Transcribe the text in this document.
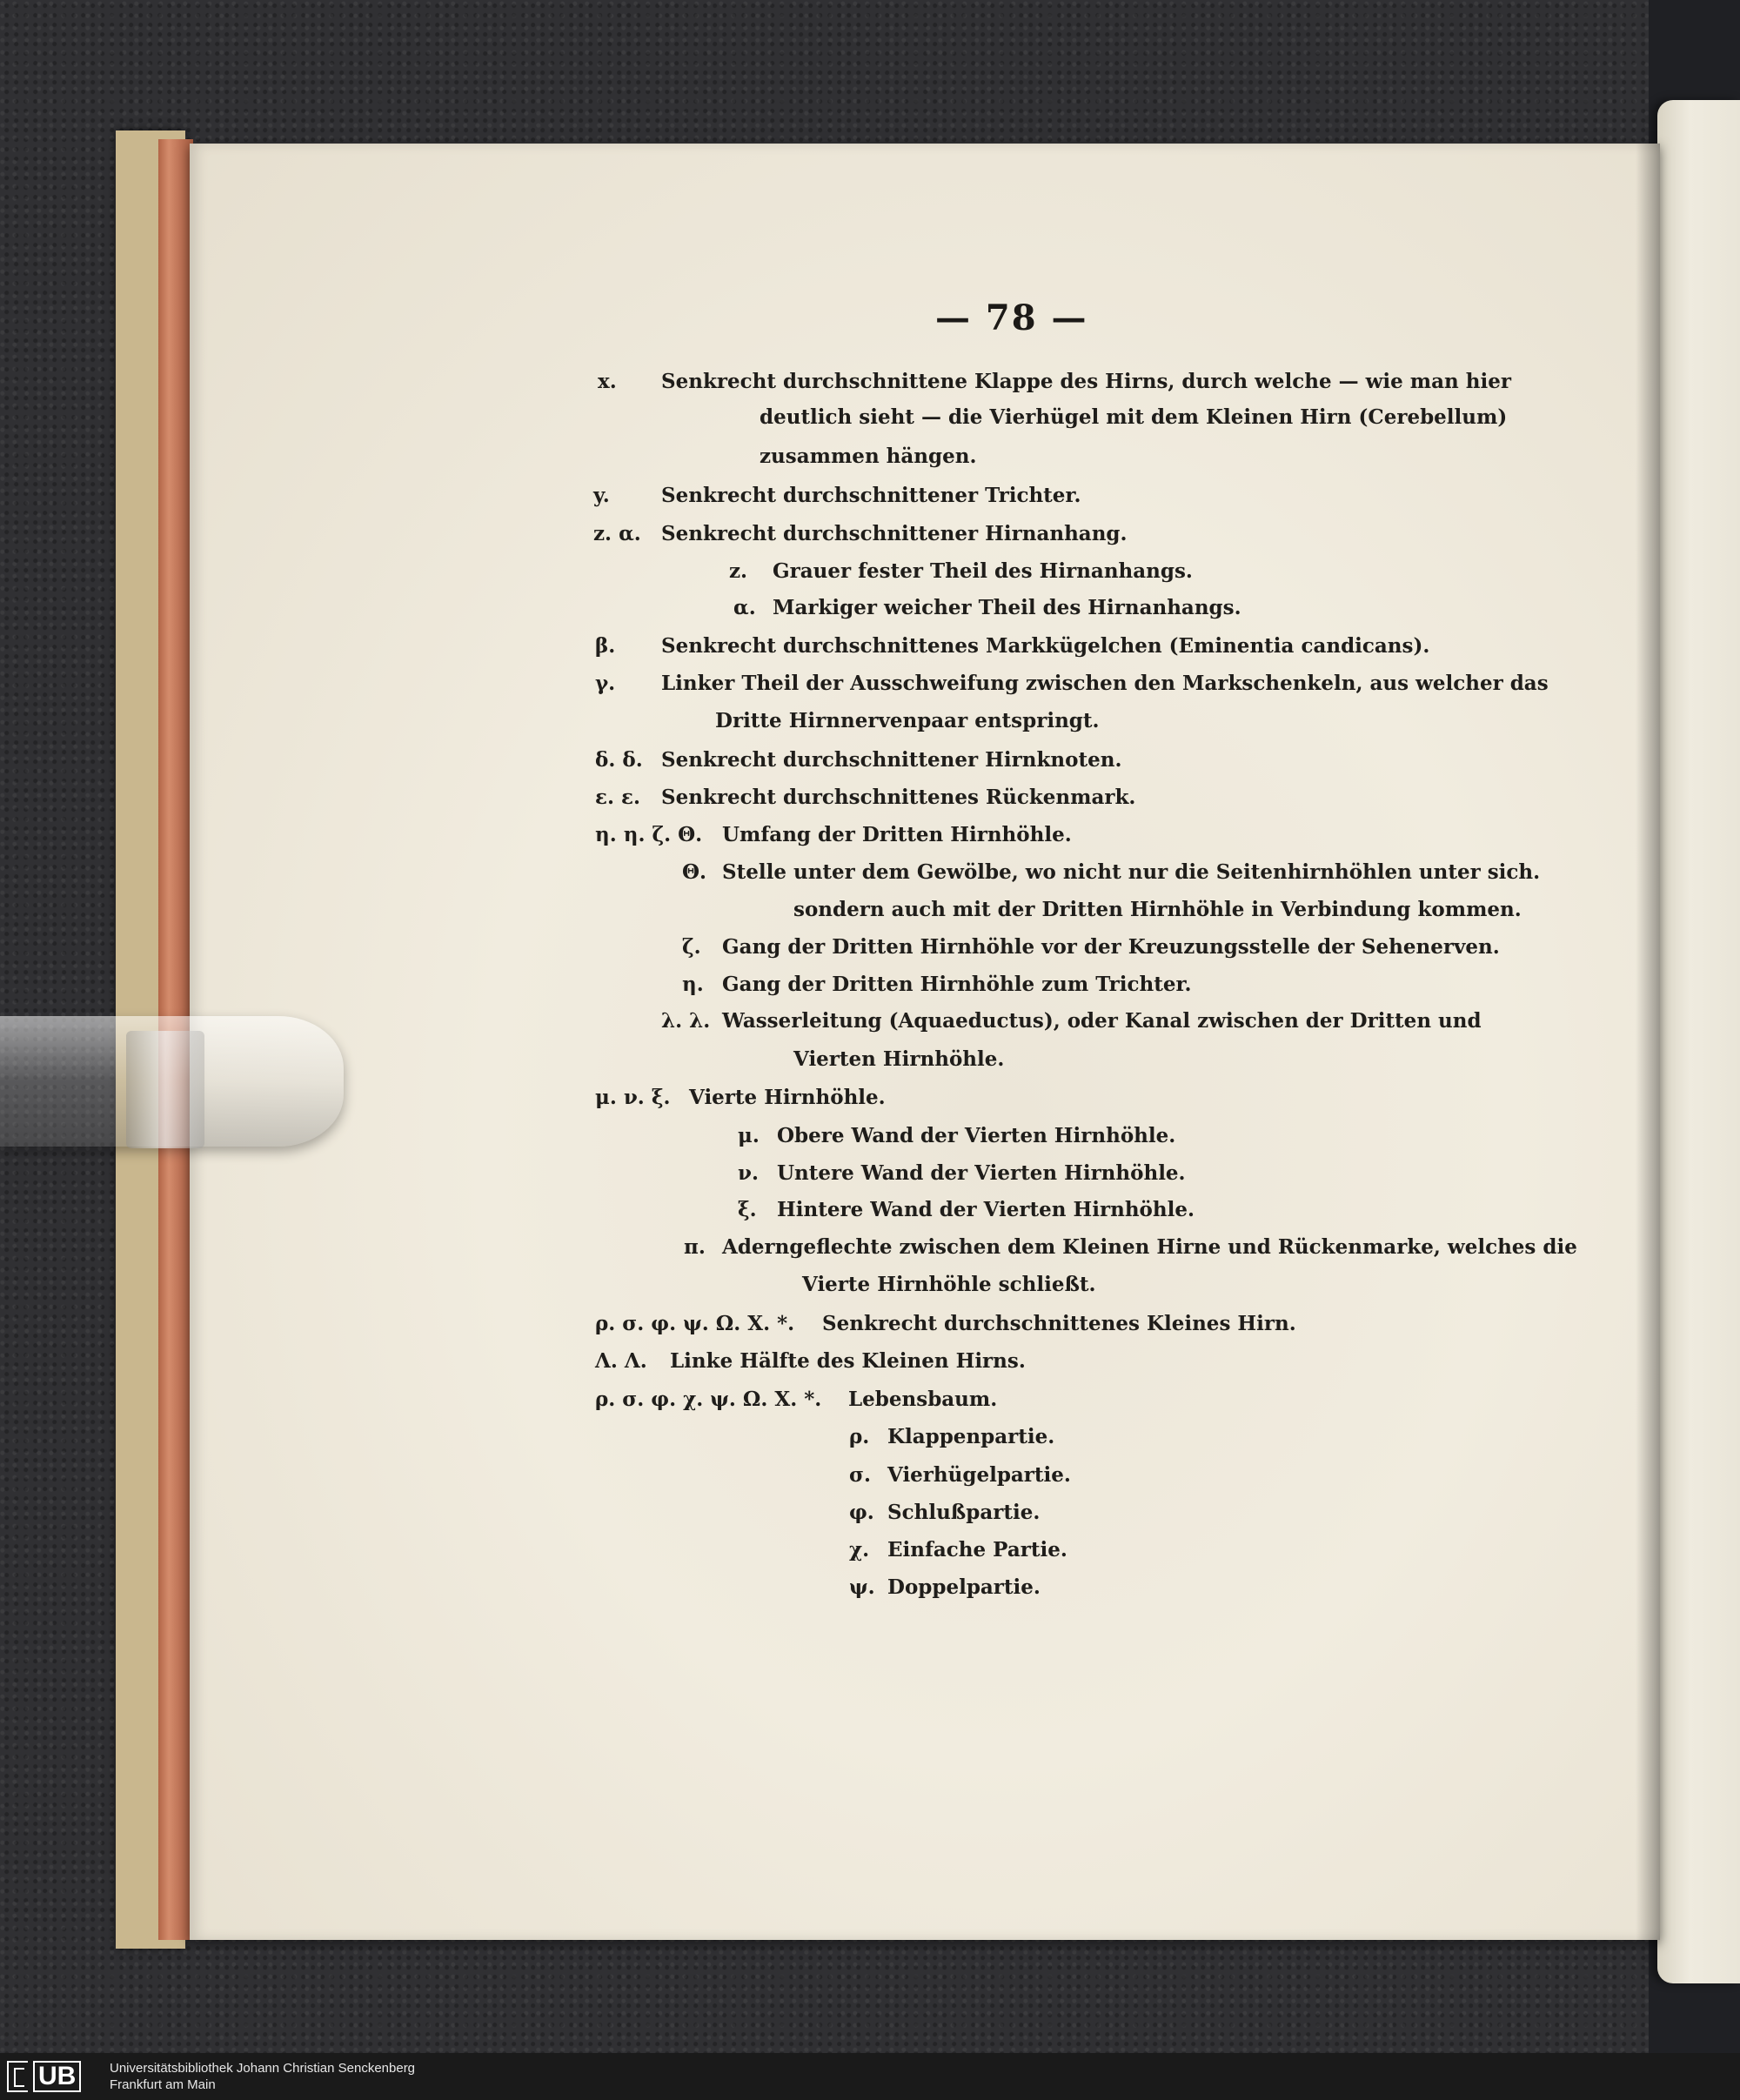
— 78 —
x. Senkrecht durchschnittene Klappe des Hirns, durch welche — wie man hier
deutlich sieht — die Vierhügel mit dem Kleinen Hirn (Cerebellum)
zusammen hängen.
y.	Senkrecht durchschnittener Trichter.
z. α. Senkrecht durchschnittener Hirnanhang.
z. Grauer fester Theil des Hirnanhangs.
α. Markiger weicher Theil des Hirnanhangs.
β. Senkrecht durchschnittenes Markkügelchen (Eminentia candicans).
γ. Linker Theil der Ausschweifung zwischen den Markschenkeln, aus welcher das
Dritte Hirnnervenpaar entspringt.
δ. δ. Senkrecht durchschnittener Hirnknoten.
ε. ε. Senkrecht durchschnittenes Rückenmark.
η. η. ζ. Θ. Umfang der Dritten Hirnhöhle.
Θ. Stelle unter dem Gewölbe, wo nicht nur die Seitenhirnhöhlen unter sich.
sondern auch mit der Dritten Hirnhöhle in Verbindung kommen.
ζ. Gang der Dritten Hirnhöhle vor der Kreuzungsstelle der Sehenerven.
η. Gang der Dritten Hirnhöhle zum Trichter.
λ. λ. Wasserleitung (Aquaeductus), oder Kanal zwischen der Dritten und
Vierten Hirnhöhle.
μ. ν. ξ. Vierte Hirnhöhle.
μ. Obere Wand der Vierten Hirnhöhle.
ν. Untere Wand der Vierten Hirnhöhle.
ξ. Hintere Wand der Vierten Hirnhöhle.
π. Aderngeflechte zwischen dem Kleinen Hirne und Rückenmarke, welches die
Vierte Hirnhöhle schließt.
ρ. σ. φ. ψ. Ω. X. *. Senkrecht durchschnittenes Kleines Hirn.
Λ. Λ. Linke Hälfte des Kleinen Hirns.
ρ. σ. φ. χ. ψ. Ω. X. *. Lebensbaum.
ρ. Klappenpartie.
σ. Vierhügelpartie.
φ. Schlußpartie.
χ. Einfache Partie.
ψ. Doppelpartie.
UB	Universitätsbibliothek Johann Christian Senckenberg
Frankfurt am Main
